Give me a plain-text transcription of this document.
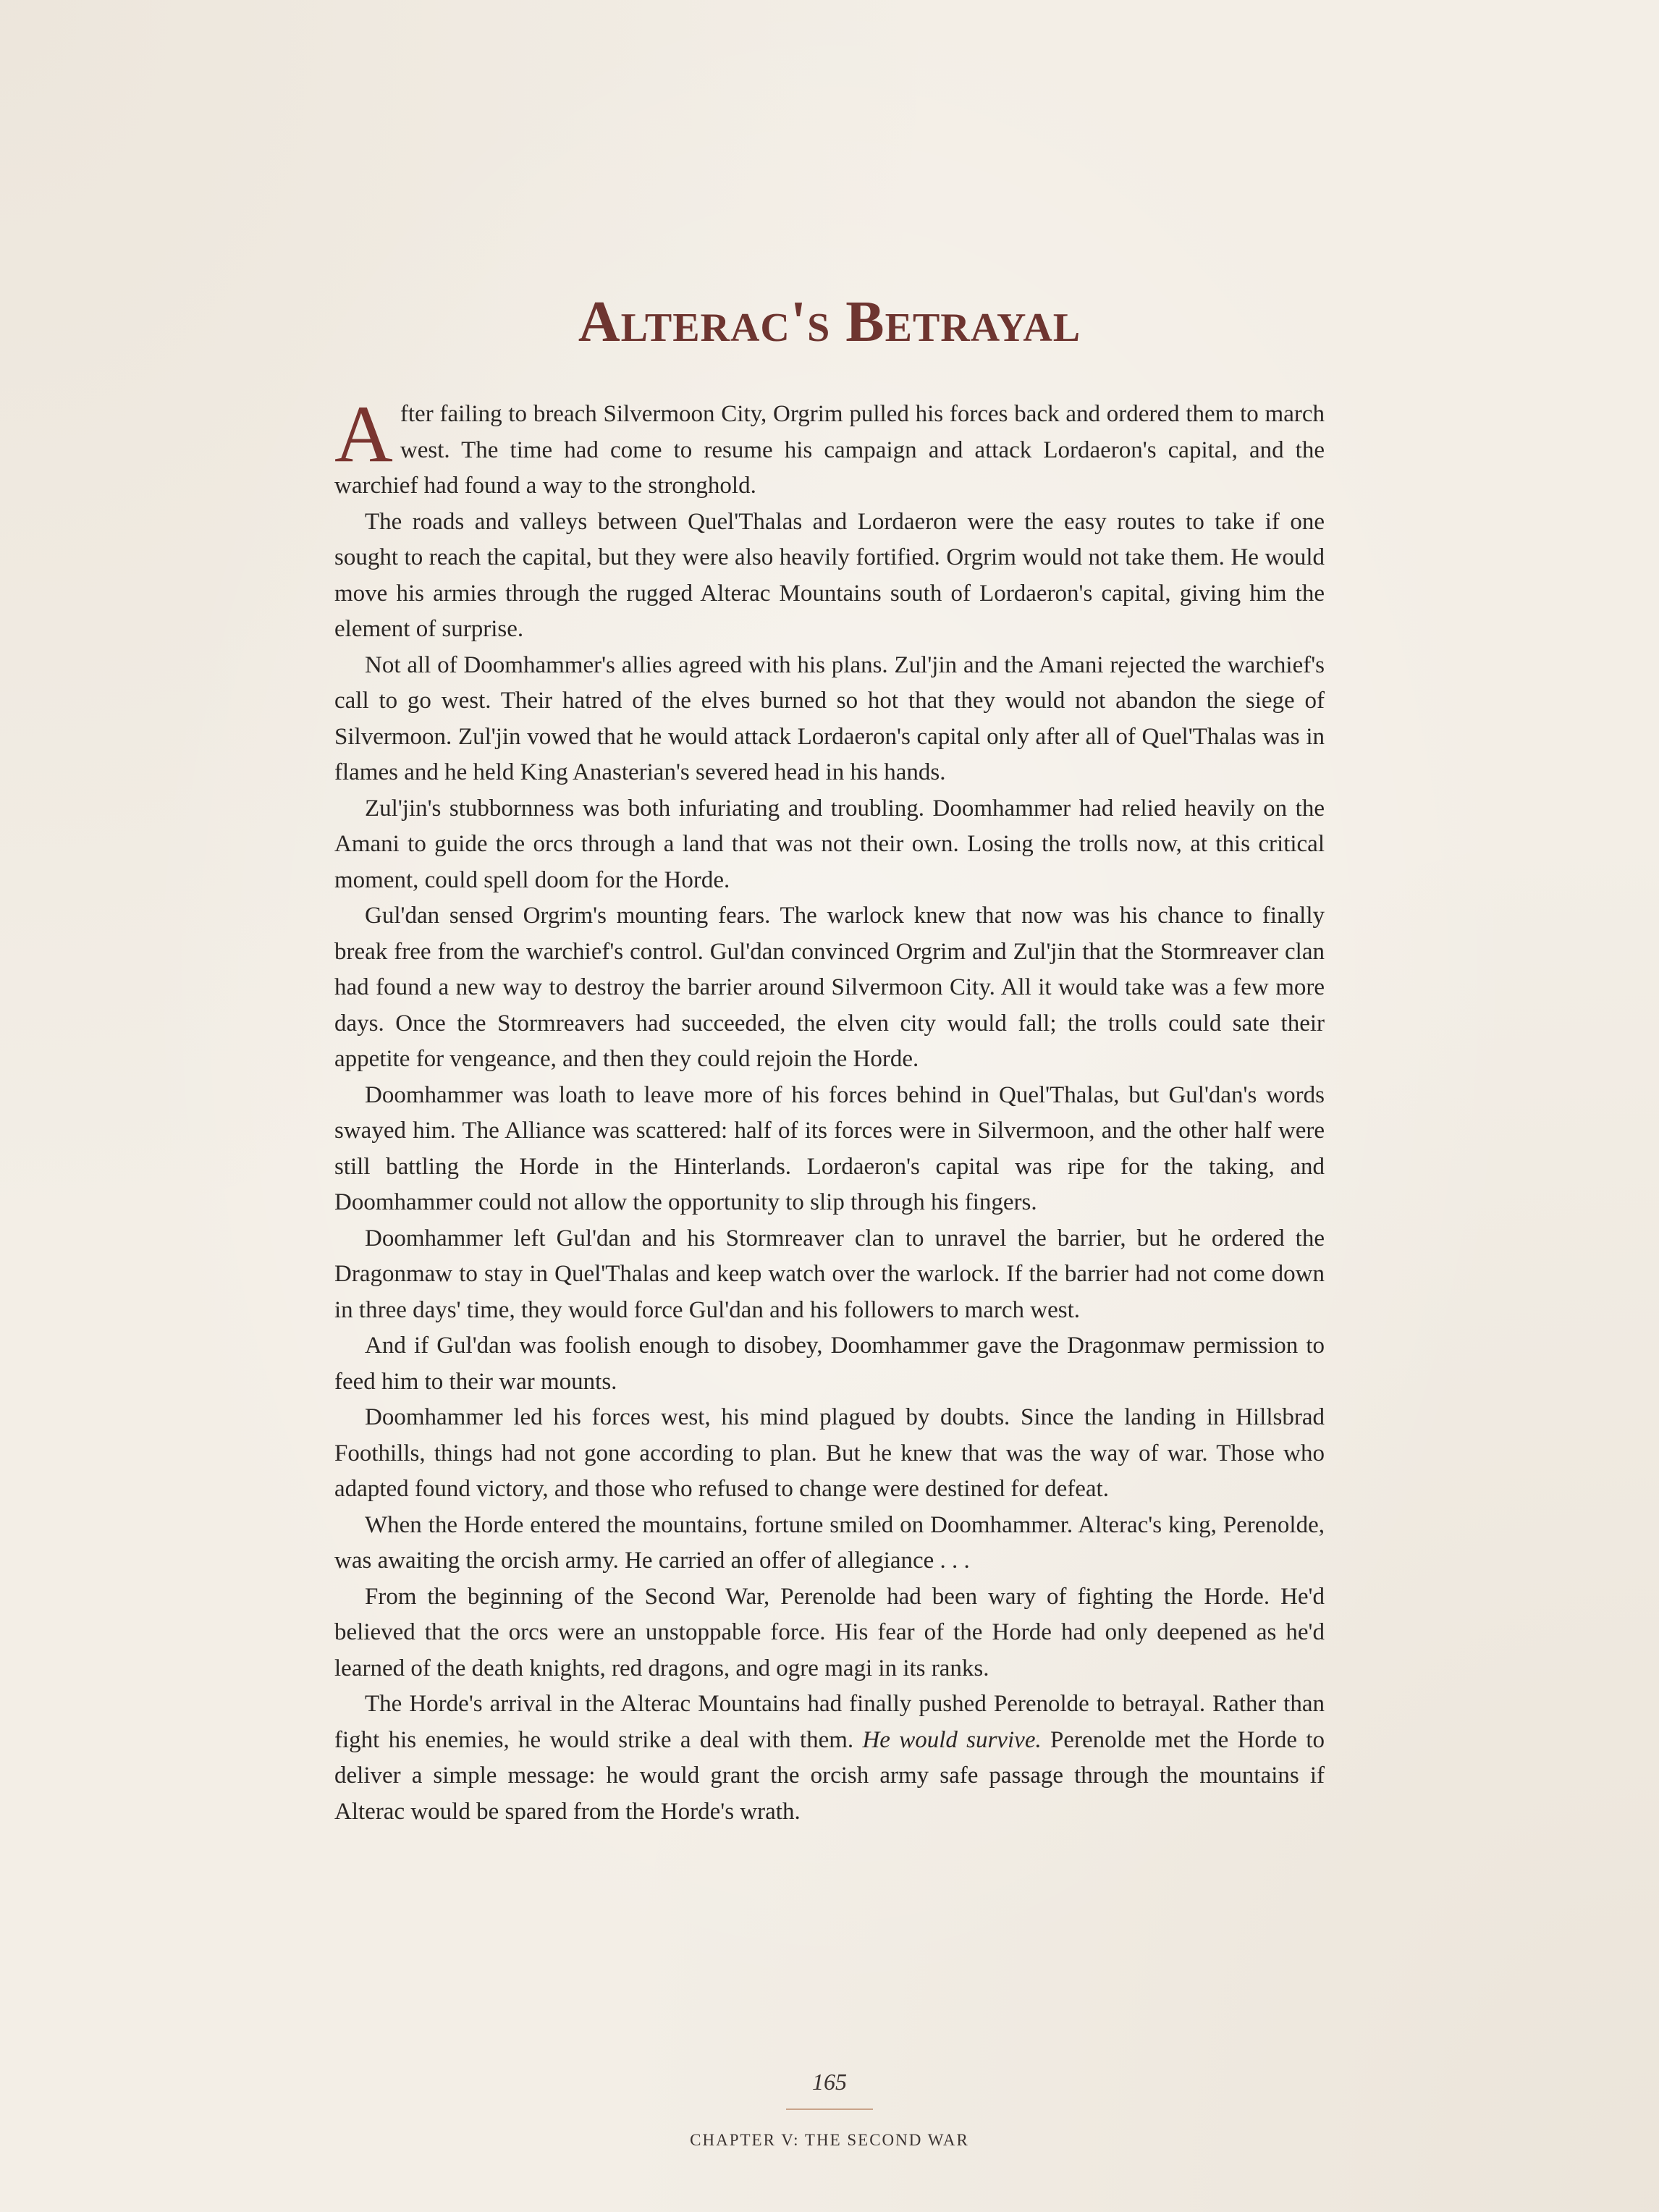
Alterac's Betrayal

After failing to breach Silvermoon City, Orgrim pulled his forces back and ordered them to march west. The time had come to resume his campaign and attack Lordaeron's capital, and the warchief had found a way to the stronghold.

The roads and valleys between Quel'Thalas and Lordaeron were the easy routes to take if one sought to reach the capital, but they were also heavily fortified. Orgrim would not take them. He would move his armies through the rugged Alterac Mountains south of Lordaeron's capital, giving him the element of surprise.

Not all of Doomhammer's allies agreed with his plans. Zul'jin and the Amani rejected the warchief's call to go west. Their hatred of the elves burned so hot that they would not abandon the siege of Silvermoon. Zul'jin vowed that he would attack Lordaeron's capital only after all of Quel'Thalas was in flames and he held King Anasterian's severed head in his hands.

Zul'jin's stubbornness was both infuriating and troubling. Doomhammer had relied heavily on the Amani to guide the orcs through a land that was not their own. Losing the trolls now, at this critical moment, could spell doom for the Horde.

Gul'dan sensed Orgrim's mounting fears. The warlock knew that now was his chance to finally break free from the warchief's control. Gul'dan convinced Orgrim and Zul'jin that the Stormreaver clan had found a new way to destroy the barrier around Silvermoon City. All it would take was a few more days. Once the Stormreavers had succeeded, the elven city would fall; the trolls could sate their appetite for vengeance, and then they could rejoin the Horde.

Doomhammer was loath to leave more of his forces behind in Quel'Thalas, but Gul'dan's words swayed him. The Alliance was scattered: half of its forces were in Silvermoon, and the other half were still battling the Horde in the Hinterlands. Lordaeron's capital was ripe for the taking, and Doomhammer could not allow the opportunity to slip through his fingers.

Doomhammer left Gul'dan and his Stormreaver clan to unravel the barrier, but he ordered the Dragonmaw to stay in Quel'Thalas and keep watch over the warlock. If the barrier had not come down in three days' time, they would force Gul'dan and his followers to march west.

And if Gul'dan was foolish enough to disobey, Doomhammer gave the Dragonmaw permission to feed him to their war mounts.

Doomhammer led his forces west, his mind plagued by doubts. Since the landing in Hillsbrad Foothills, things had not gone according to plan. But he knew that was the way of war. Those who adapted found victory, and those who refused to change were destined for defeat.

When the Horde entered the mountains, fortune smiled on Doomhammer. Alterac's king, Perenolde, was awaiting the orcish army. He carried an offer of allegiance . . .

From the beginning of the Second War, Perenolde had been wary of fighting the Horde. He'd believed that the orcs were an unstoppable force. His fear of the Horde had only deepened as he'd learned of the death knights, red dragons, and ogre magi in its ranks.

The Horde's arrival in the Alterac Mountains had finally pushed Perenolde to betrayal. Rather than fight his enemies, he would strike a deal with them. He would survive. Perenolde met the Horde to deliver a simple message: he would grant the orcish army safe passage through the mountains if Alterac would be spared from the Horde's wrath.

165
CHAPTER V: THE SECOND WAR
